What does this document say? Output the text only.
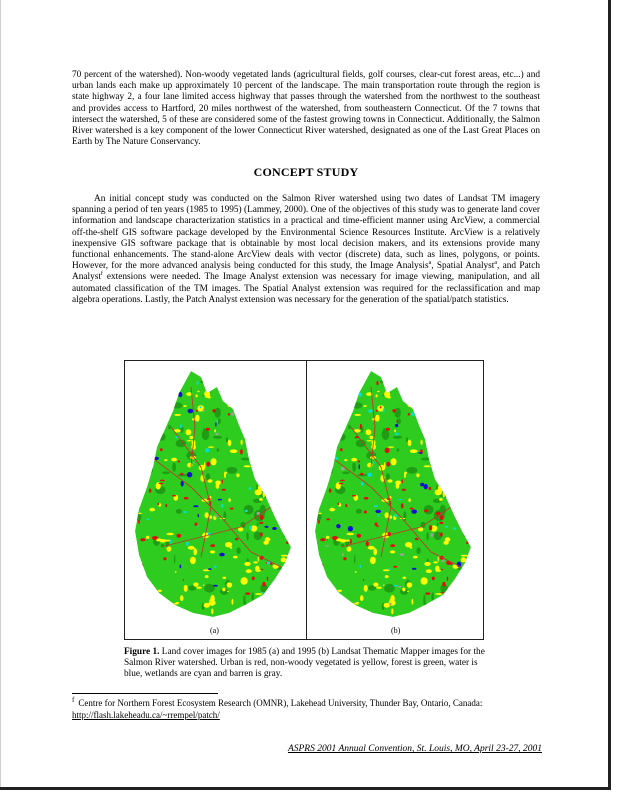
70 percent of the watershed). Non-woody vegetated lands (agricultural fields, golf courses, clear-cut forest areas, etc...) and urban lands each make up approximately 10 percent of the landscape. The main transportation route through the region is state highway 2, a four lane limited access highway that passes through the watershed from the northwest to the southeast and provides access to Hartford, 20 miles northwest of the watershed, from southeastern Connecticut. Of the 7 towns that intersect the watershed, 5 of these are considered some of the fastest growing towns in Connecticut. Additionally, the Salmon River watershed is a key component of the lower Connecticut River watershed, designated as one of the Last Great Places on Earth by The Nature Conservancy.

CONCEPT STUDY

An initial concept study was conducted on the Salmon River watershed using two dates of Landsat TM imagery spanning a period of ten years (1985 to 1995) (Lammey, 2000). One of the objectives of this study was to generate land cover information and landscape characterization statistics in a practical and time-efficient manner using ArcView, a commercial off-the-shelf GIS software package developed by the Environmental Science Resources Institute. ArcView is a relatively inexpensive GIS software package that is obtainable by most local decision makers, and its extensions provide many functional enhancements. The stand-alone ArcView deals with vector (discrete) data, such as lines, polygons, or points. However, for the more advanced analysis being conducted for this study, the Image Analysis$^a$, Spatial Analyst$^a$, and Patch Analyst$^f$ extensions were needed. The Image Analyst extension was necessary for image viewing, manipulation, and all automated classification of the TM images. The Spatial Analyst extension was required for the reclassification and map algebra operations. Lastly, the Patch Analyst extension was necessary for the generation of the spatial/patch statistics.

(a)	(b)
Figure 1. Land cover images for 1985 (a) and 1995 (b) Landsat Thematic Mapper images for the Salmon River watershed. Urban is red, non-woody vegetated is yellow, forest is green, water is blue, wetlands are cyan and barren is gray.
$^f$ Centre for Northern Forest Ecosystem Research (OMNR), Lakehead University, Thunder Bay, Ontario, Canada:
http://flash.lakeheadu.ca/~rrempel/patch/
ASPRS 2001 Annual Convention, St. Louis, MO, April 23-27, 2001
